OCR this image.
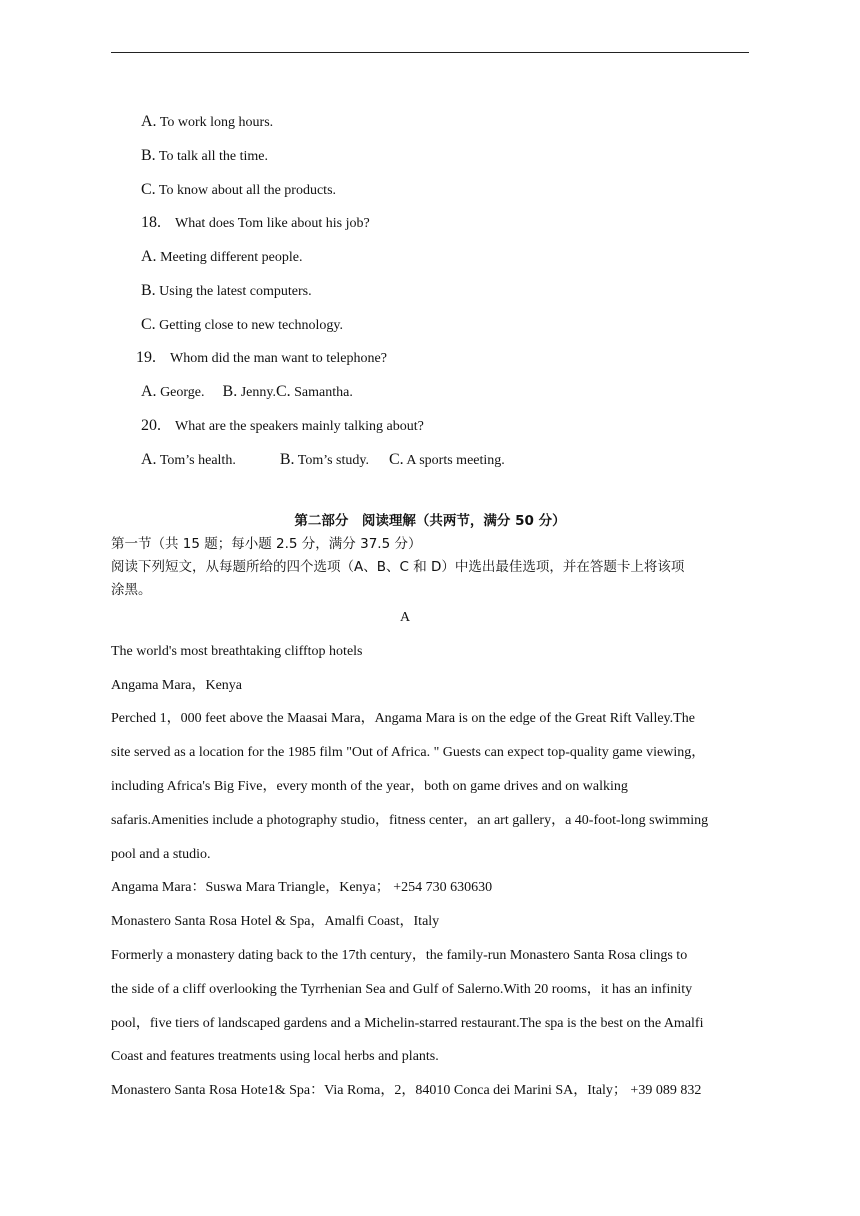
A. To work long hours.
B. To talk all the time.
C. To know about all the products.
18. What does Tom like about his job?
A. Meeting different people.
B. Using the latest computers.
C. Getting close to new technology.
19. Whom did the man want to telephone?
A. George. B. Jenny.C. Samantha.
20. What are the speakers mainly talking about?
A. Tom’s health.	B. Tom’s study. C. A sports meeting.
第二部分　阅读理解（共两节，满分 50 分）
第一节（共 15 题；每小题 2.5 分，满分 37.5 分）
阅读下列短文，从每题所给的四个选项（A、B、C 和 D）中选出最佳选项，并在答题卡上将该项
涂黑。
A
The world's most breathtaking clifftop hotels
Angama Mara，Kenya
Perched 1，000 feet above the Maasai Mara，Angama Mara is on the edge of the Great Rift Valley.The
site served as a location for the 1985 film "Out of Africa. " Guests can expect top-quality game viewing，
including Africa's Big Five，every month of the year，both on game drives and on walking
safaris.Amenities include a photography studio，fitness center，an art gallery，a 40-foot-long swimming
pool and a studio.
Angama Mara：Suswa Mara Triangle，Kenya； +254 730 630630
Monastero Santa Rosa Hotel & Spa，Amalfi Coast，Italy
Formerly a monastery dating back to the 17th century，the family-run Monastero Santa Rosa clings to
the side of a cliff overlooking the Tyrrhenian Sea and Gulf of Salerno.With 20 rooms，it has an infinity
pool，five tiers of landscaped gardens and a Michelin-starred restaurant.The spa is the best on the Amalfi
Coast and features treatments using local herbs and plants.
Monastero Santa Rosa Hote1& Spa：Via Roma，2，84010 Conca dei Marini SA，Italy； +39 089 832
